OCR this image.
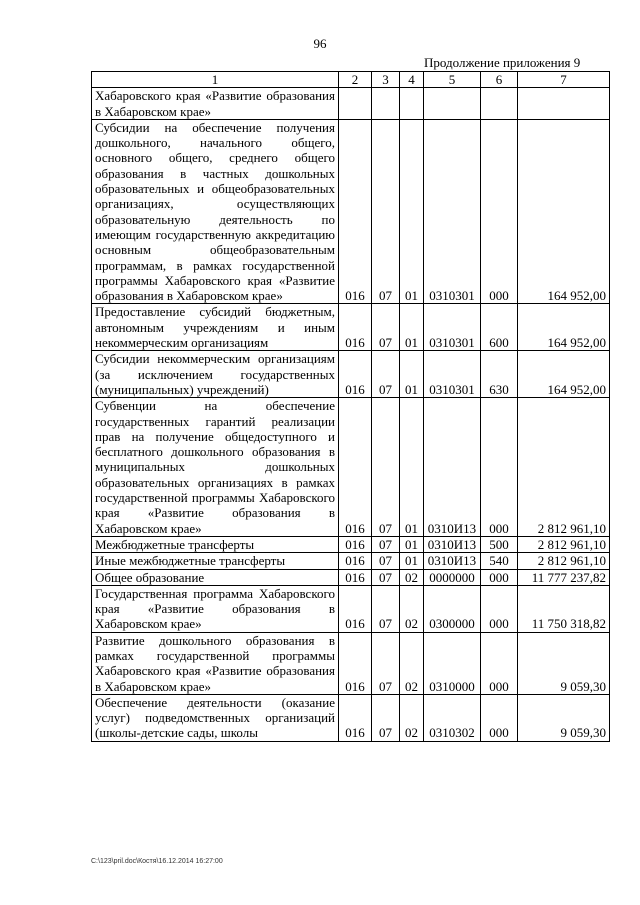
96
Продолжение приложения 9
1	2	3	4	5	6	7
Хабаровского края «Развитие образования в Хабаровском крае»						
Субсидии на обеспечение получения дошкольного, начального общего, основного общего, среднего общего образования в частных дошкольных образовательных и общеобразовательных организациях, осуществляющих образовательную деятельность по имеющим государственную аккредитацию основным общеобразовательным программам, в рамках государственной программы Хабаровского края «Развитие образования в Хабаровском крае»	016	07	01	0310301	000	164 952,00
Предоставление субсидий бюджетным, автономным учреждениям и иным некоммерческим организациям	016	07	01	0310301	600	164 952,00
Субсидии некоммерческим организациям (за исключением государственных (муниципальных) учреждений)	016	07	01	0310301	630	164 952,00
Субвенции на обеспечение государственных гарантий реализации прав на получение общедоступного и бесплатного дошкольного образования в муниципальных дошкольных образовательных организациях в рамках государственной программы Хабаровского края «Развитие образования в Хабаровском крае»	016	07	01	0310И13	000	2 812 961,10
Межбюджетные трансферты	016	07	01	0310И13	500	2 812 961,10
Иные межбюджетные трансферты	016	07	01	0310И13	540	2 812 961,10
Общее образование	016	07	02	0000000	000	11 777 237,82
Государственная программа Хабаровского края «Развитие образования в Хабаровском крае»	016	07	02	0300000	000	11 750 318,82
Развитие дошкольного образования в рамках государственной программы Хабаровского края «Развитие образования в Хабаровском крае»	016	07	02	0310000	000	9 059,30
Обеспечение деятельности (оказание услуг) подведомственных организаций (школы-детские сады, школы	016	07	02	0310302	000	9 059,30
C:\123\pril.doc\Костя\16.12.2014 16:27:00
